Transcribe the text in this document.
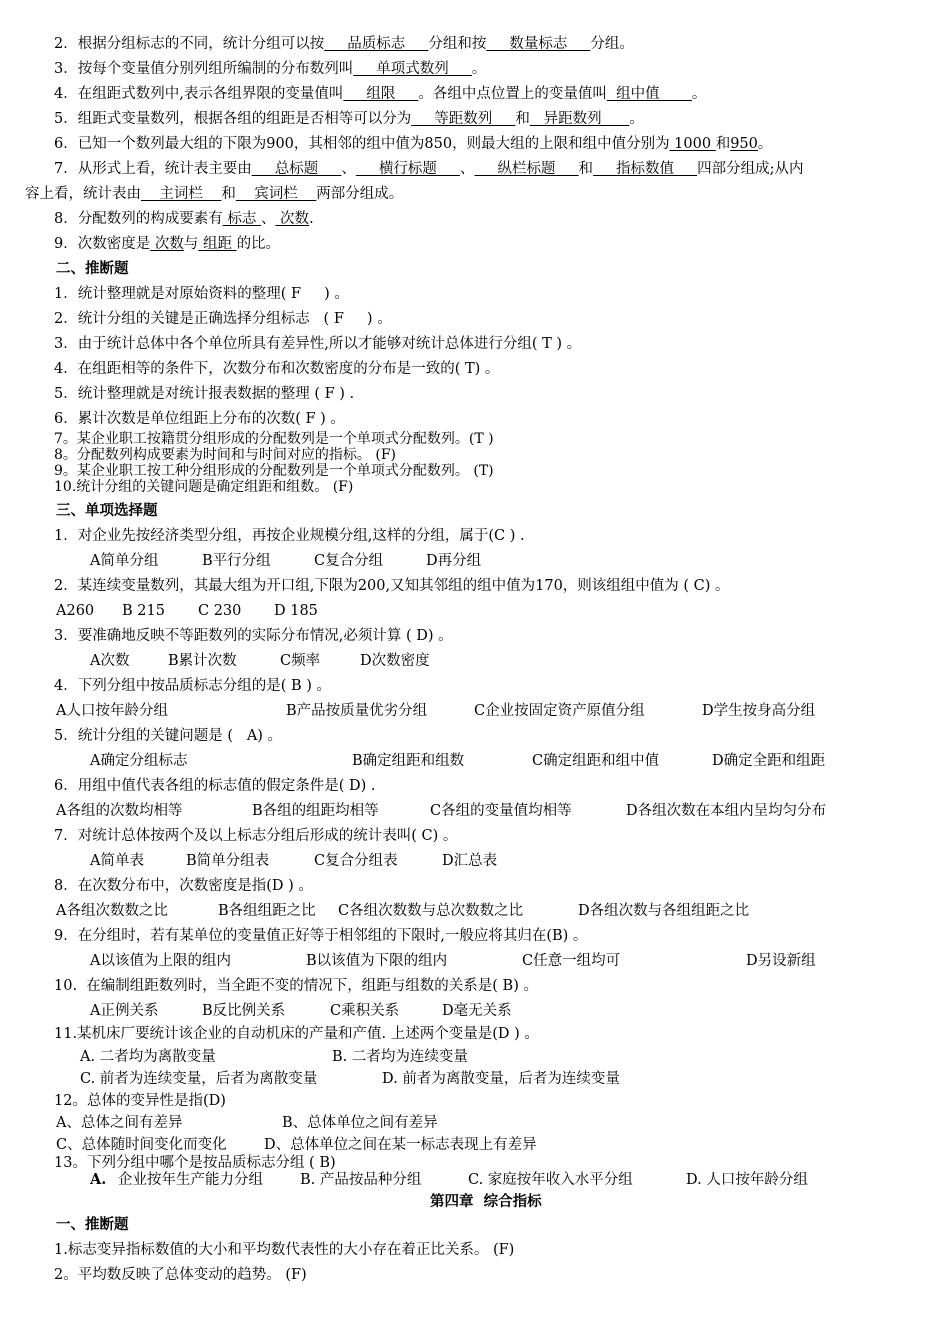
2．根据分组标志的不同，统计分组可以按     品质标志     分组和按     数量标志     分组。
3．按每个变量值分别列组所编制的分布数列叫     单项式数列     。
4．在组距式数列中,表示各组界限的变量值叫     组限     。各组中点位置上的变量值叫  组中值       。
5．组距式变量数列，根据各组的组距是否相等可以分为     等距数列     和   异距数列      。
6．已知一个数列最大组的下限为900，其相邻的组中值为850，则最大组的上限和组中值分别为 1000 和950。
7．从形式上看，统计表主要由     总标题     、     横行标题     、     纵栏标题     和     指标数值     四部分组成;从内
容上看，统计表由    主词栏    和    宾词栏    两部分组成。
8．分配数列的构成要素有 标志 、 次数.
9．次数密度是 次数与 组距 的比。
二、推断题
1．统计整理就是对原始资料的整理( F     ) 。
2．统计分组的关键是正确选择分组标志   ( F     ) 。
3．由于统计总体中各个单位所具有差异性,所以才能够对统计总体进行分组( T ) 。
4．在组距相等的条件下，次数分布和次数密度的分布是一致的( T) 。
5．统计整理就是对统计报表数据的整理 ( F ) .
6．累计次数是单位组距上分布的次数( F ) 。
7。某企业职工按籍贯分组形成的分配数列是一个单项式分配数列。(T )
8。分配数列构成要素为时间和与时间对应的指标。 (F)
9。某企业职工按工种分组形成的分配数列是一个单项式分配数列。 (T)
10.统计分组的关键问题是确定组距和组数。 (F)
三、单项选择题
1．对企业先按经济类型分组，再按企业规模分组,这样的分组，属于(C ) .
A简单分组	B平行分组	C复合分组	D再分组
2．某连续变量数列，其最大组为开口组,下限为200,又知其邻组的组中值为170，则该组组中值为 ( C) 。
A260 B 215 C 230 D 185
3．要准确地反映不等距数列的实际分布情况,必须计算 ( D) 。
A次数	B累计次数	C频率	D次数密度
4．下列分组中按品质标志分组的是( B ) 。
A人口按年龄分组	B产品按质量优劣分组	C企业按固定资产原值分组	D学生按身高分组
5．统计分组的关键问题是 (   A) 。
A确定分组标志	B确定组距和组数	C确定组距和组中值	D确定全距和组距
6．用组中值代表各组的标志值的假定条件是( D) .
A各组的次数均相等	B各组的组距均相等	C各组的变量值均相等	D各组次数在本组内呈均匀分布
7．对统计总体按两个及以上标志分组后形成的统计表叫( C) 。
A简单表	B简单分组表	C复合分组表	D汇总表
8．在次数分布中，次数密度是指(D ) 。
A各组次数数之比	B各组组距之比 C各组次数数与总次数数之比	D各组次数与各组组距之比
9．在分组时，若有某单位的变量值正好等于相邻组的下限时,一般应将其归在(B) 。
A以该值为上限的组内	B以该值为下限的组内	C任意一组均可	D另设新组
10.  在编制组距数列时，当全距不变的情况下，组距与组数的关系是( B) 。
A正例关系	B反比例关系	C乘积关系	D毫无关系
11.某机床厂要统计该企业的自动机床的产量和产值. 上述两个变量是(D ) 。
A. 二者均为离散变量	B. 二者均为连续变量
C. 前者为连续变量，后者为离散变量	D. 前者为离散变量，后者为连续变量
12。总体的变异性是指(D)
A、总体之间有差异	B、总体单位之间有差异
C、总体随时间变化而变化	D、总体单位之间在某一标志表现上有差异
13。下列分组中哪个是按品质标志分组 ( B)
A. 企业按年生产能力分组	B. 产品按品种分组	C. 家庭按年收入水平分组	D. 人口按年龄分组
第四章  综合指标
一、推断题
1.标志变异指标数值的大小和平均数代表性的大小存在着正比关系。 (F)
2。平均数反映了总体变动的趋势。 (F)
